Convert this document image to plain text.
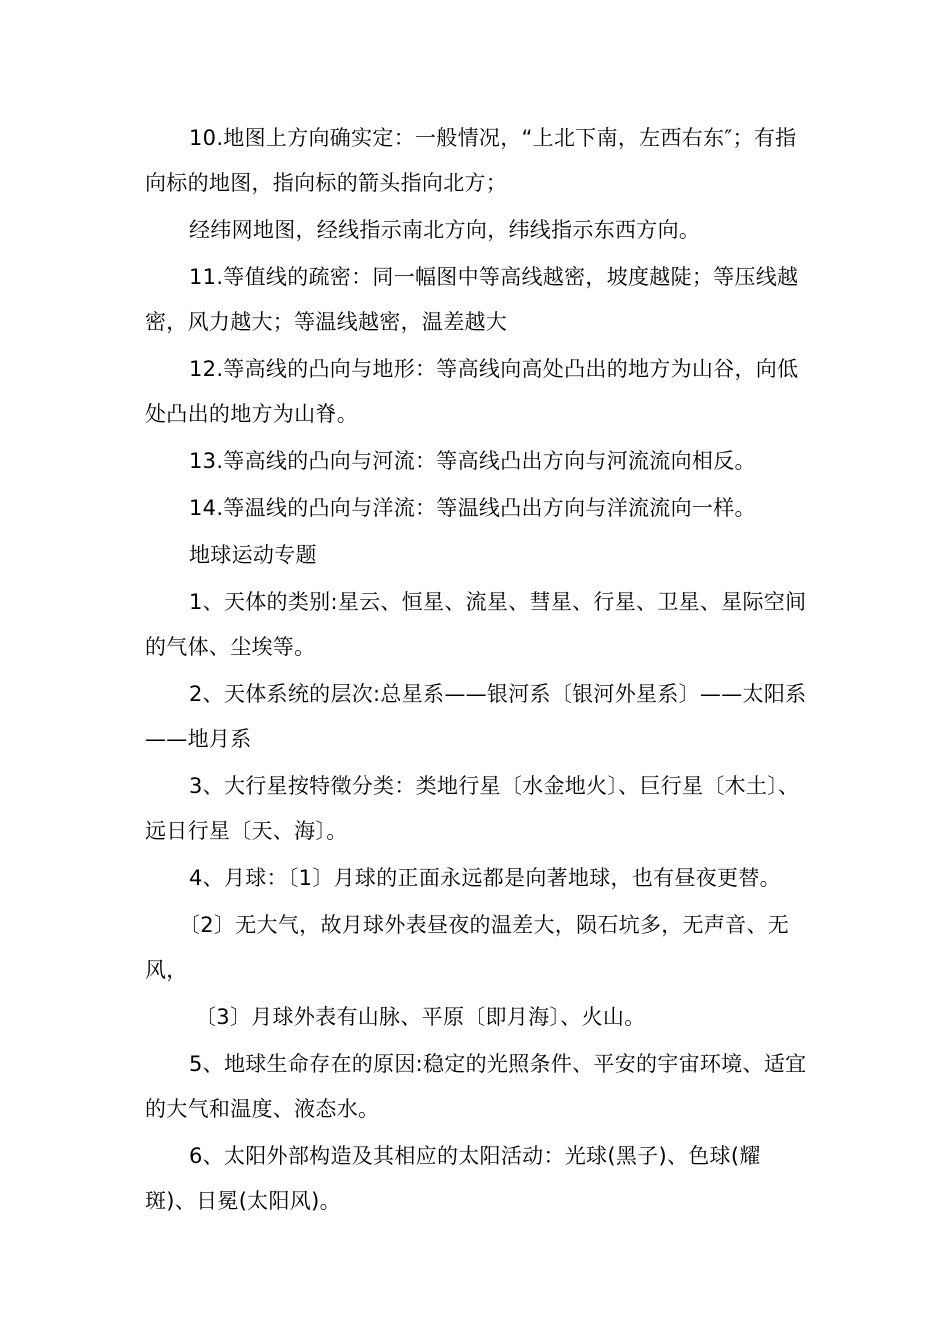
10.地图上方向确实定：一般情况，“上北下南，左西右东″；有指向标的地图，指向标的箭头指向北方；

经纬网地图，经线指示南北方向，纬线指示东西方向。

11.等值线的疏密：同一幅图中等高线越密，坡度越陡；等压线越密，风力越大；等温线越密，温差越大

12.等高线的凸向与地形：等高线向高处凸出的地方为山谷，向低处凸出的地方为山脊。

13.等高线的凸向与河流：等高线凸出方向与河流流向相反。

14.等温线的凸向与洋流：等温线凸出方向与洋流流向一样。

地球运动专题

1、天体的类别:星云、恒星、流星、彗星、行星、卫星、星际空间的气体、尘埃等。

2、天体系统的层次:总星系——银河系〔银河外星系〕——太阳系——地月系

3、大行星按特徵分类：类地行星〔水金地火〕、巨行星〔木土〕、远日行星〔天、海〕。

4、月球：〔1〕月球的正面永远都是向著地球，也有昼夜更替。

〔2〕无大气，故月球外表昼夜的温差大，陨石坑多，无声音、无风，

〔3〕月球外表有山脉、平原〔即月海〕、火山。

5、地球生命存在的原因:稳定的光照条件、平安的宇宙环境、适宜的大气和温度、液态水。

6、太阳外部构造及其相应的太阳活动：光球(黑子)、色球(耀斑)、日冕(太阳风)。
